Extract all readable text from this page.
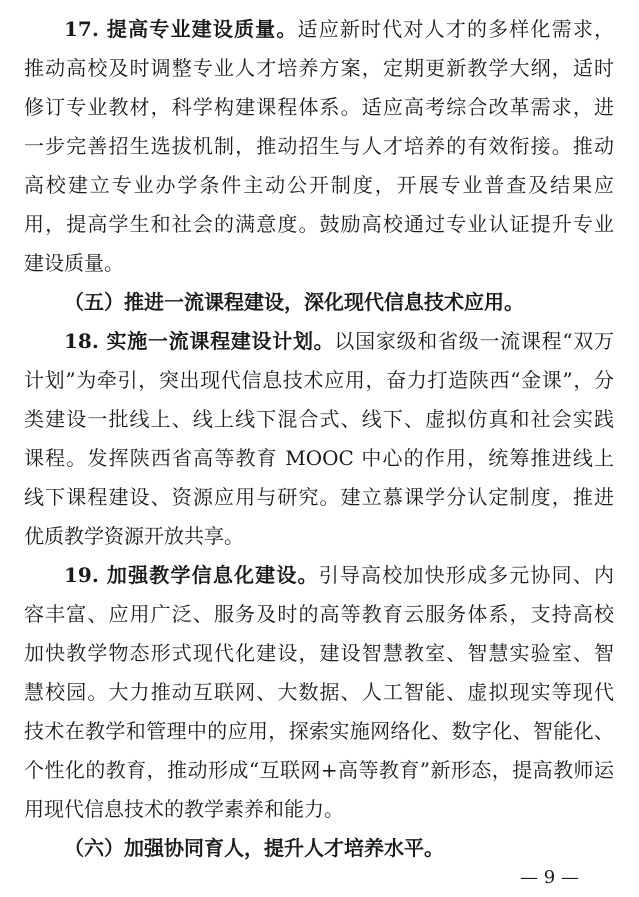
17. 提高专业建设质量。适应新时代对人才的多样化需求，
推动高校及时调整专业人才培养方案，定期更新教学大纲，适时
修订专业教材，科学构建课程体系。适应高考综合改革需求，进
一步完善招生选拔机制，推动招生与人才培养的有效衔接。推动
高校建立专业办学条件主动公开制度，开展专业普查及结果应
用，提高学生和社会的满意度。鼓励高校通过专业认证提升专业
建设质量。
（五）推进一流课程建设，深化现代信息技术应用。
18. 实施一流课程建设计划。以国家级和省级一流课程“双万
计划”为牵引，突出现代信息技术应用，奋力打造陕西“金课”，分
类建设一批线上、线上线下混合式、线下、虚拟仿真和社会实践
课程。发挥陕西省高等教育 MOOC 中心的作用，统筹推进线上
线下课程建设、资源应用与研究。建立慕课学分认定制度，推进
优质教学资源开放共享。
19. 加强教学信息化建设。引导高校加快形成多元协同、内
容丰富、应用广泛、服务及时的高等教育云服务体系，支持高校
加快教学物态形式现代化建设，建设智慧教室、智慧实验室、智
慧校园。大力推动互联网、大数据、人工智能、虚拟现实等现代
技术在教学和管理中的应用，探索实施网络化、数字化、智能化、
个性化的教育，推动形成“互联网+高等教育”新形态，提高教师运
用现代信息技术的教学素养和能力。
（六）加强协同育人，提升人才培养水平。
— 9 —
